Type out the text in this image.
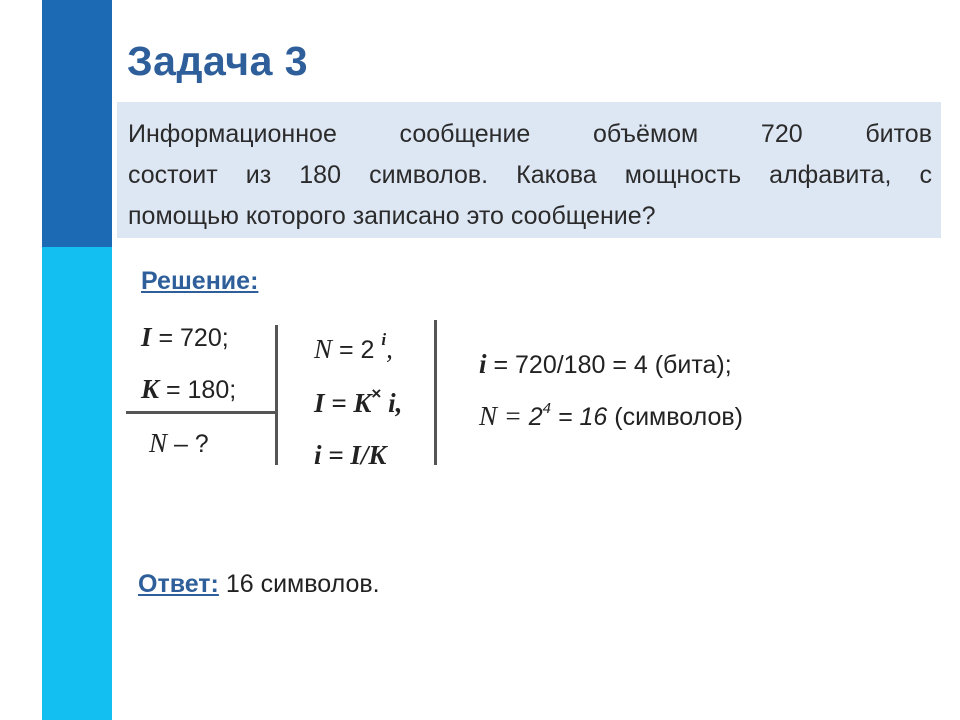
Задача 3
Информационное сообщение объёмом 720 битов
состоит из 180 символов. Какова мощность алфавита, с
помощью которого записано это сообщение?
Решение:
I = 720;
K = 180;
N – ?
N = 2 $^i$,
I = K× i,
i = I/K
i = 720/180 = 4 (бита);
$N = 2^4 = 16$ (символов)
Ответ: 16 символов.
